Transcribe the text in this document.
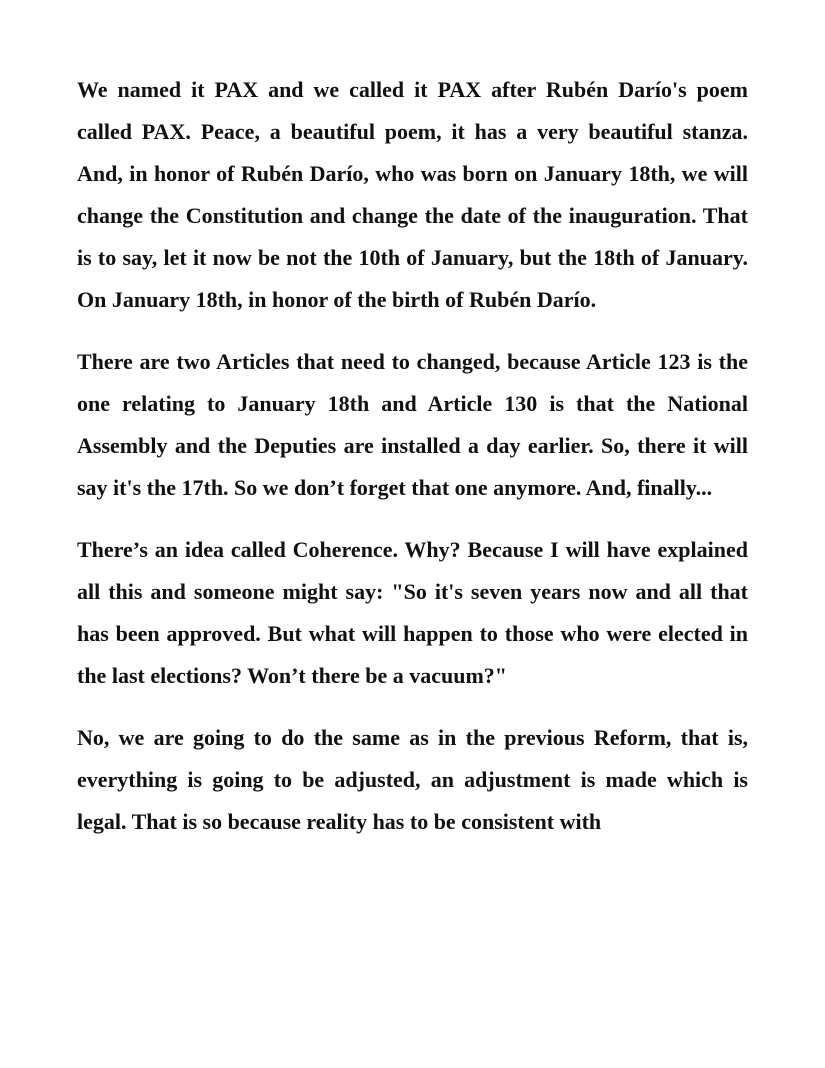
We named it PAX and we called it PAX after Rubén Darío's poem called PAX. Peace, a beautiful poem, it has a very beautiful stanza. And, in honor of Rubén Darío, who was born on January 18th, we will change the Constitution and change the date of the inauguration. That is to say, let it now be not the 10th of January, but the 18th of January. On January 18th, in honor of the birth of Rubén Darío.

There are two Articles that need to changed, because Article 123 is the one relating to January 18th and Article 130 is that the National Assembly and the Deputies are installed a day earlier. So, there it will say it's the 17th. So we don’t forget that one anymore. And, finally...

There’s an idea called Coherence. Why? Because I will have explained all this and someone might say: "So it's seven years now and all that has been approved. But what will happen to those who were elected in the last elections? Won’t there be a vacuum?"

No, we are going to do the same as in the previous Reform, that is, everything is going to be adjusted, an adjustment is made which is legal. That is so because reality has to be consistent with
